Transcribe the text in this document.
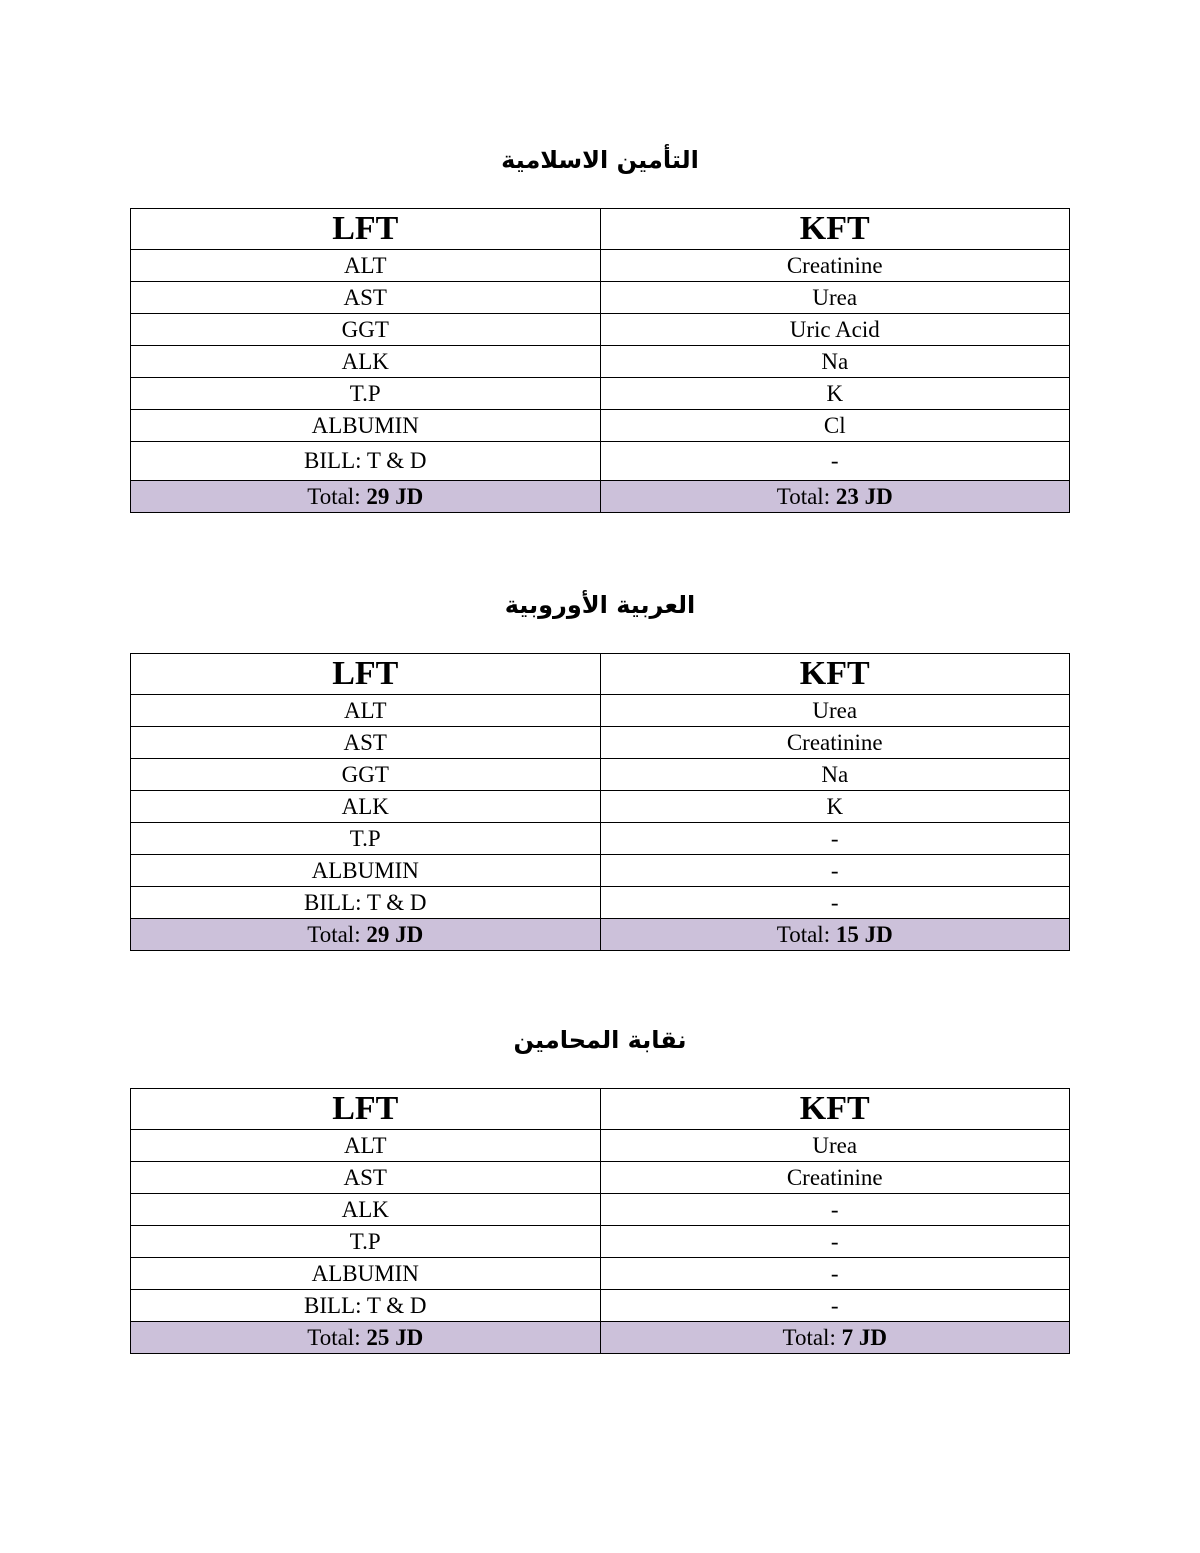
التأمين الاسلامية
LFT	KFT
ALT	Creatinine
AST	Urea
GGT	Uric Acid
ALK	Na
T.P	K
ALBUMIN	Cl
BILL: T & D	-
Total: 29 JD	Total: 23 JD
العربية الأوروبية
LFT	KFT
ALT	Urea
AST	Creatinine
GGT	Na
ALK	K
T.P	-
ALBUMIN	-
BILL: T & D	-
Total: 29 JD	Total: 15 JD
نقابة المحامين
LFT	KFT
ALT	Urea
AST	Creatinine
ALK	-
T.P	-
ALBUMIN	-
BILL: T & D	-
Total: 25 JD	Total: 7 JD
